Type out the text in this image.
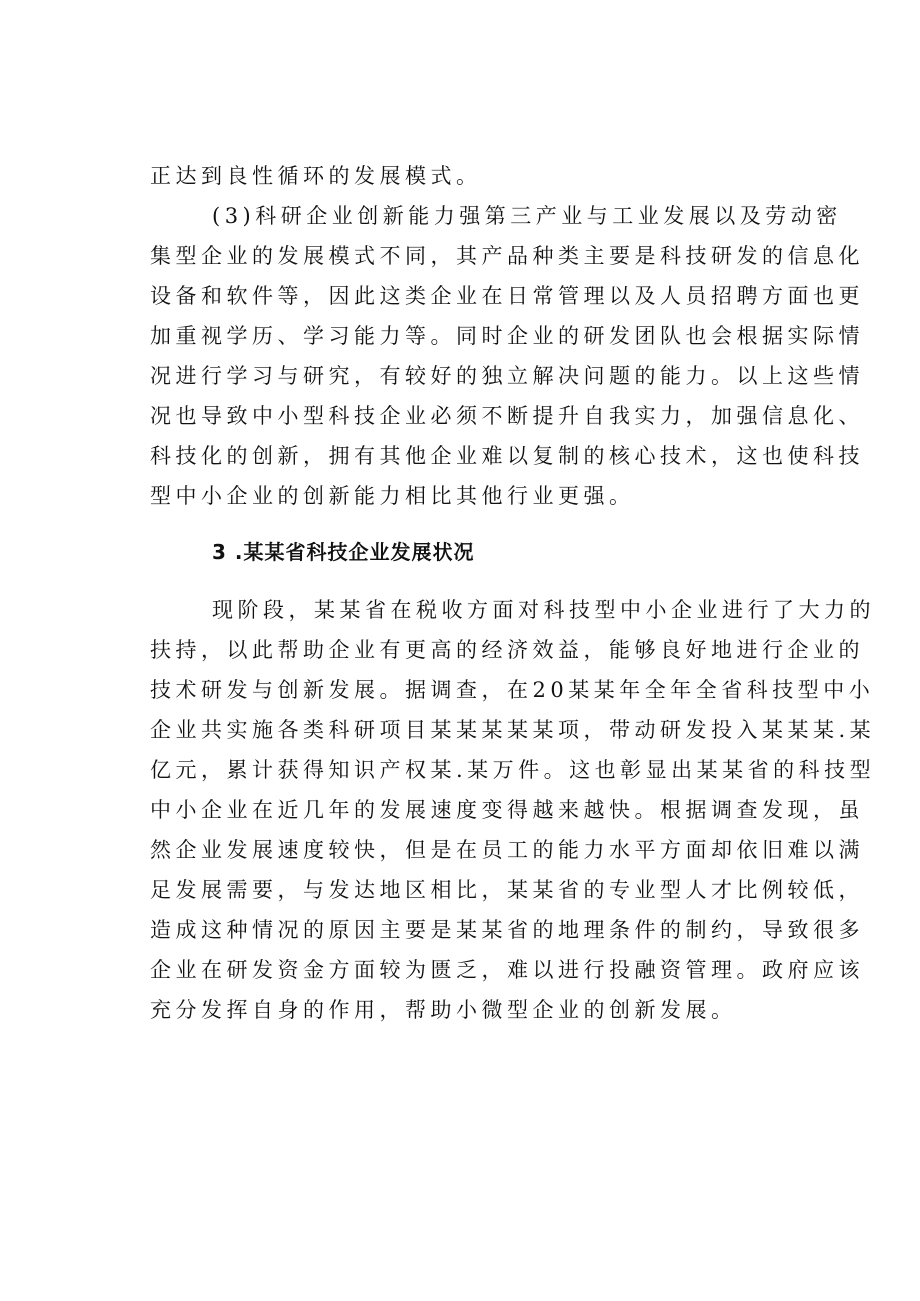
正达到良性循环的发展模式。
(3)科研企业创新能力强第三产业与工业发展以及劳动密
集型企业的发展模式不同，其产品种类主要是科技研发的信息化
设备和软件等，因此这类企业在日常管理以及人员招聘方面也更
加重视学历、学习能力等。同时企业的研发团队也会根据实际情
况进行学习与研究，有较好的独立解决问题的能力。以上这些情
况也导致中小型科技企业必须不断提升自我实力，加强信息化、
科技化的创新，拥有其他企业难以复制的核心技术，这也使科技
型中小企业的创新能力相比其他行业更强。
3 .某某省科技企业发展状况
现阶段，某某省在税收方面对科技型中小企业进行了大力的
扶持，以此帮助企业有更高的经济效益，能够良好地进行企业的
技术研发与创新发展。据调查，在20某某年全年全省科技型中小
企业共实施各类科研项目某某某某某项，带动研发投入某某某.某
亿元，累计获得知识产权某.某万件。这也彰显出某某省的科技型
中小企业在近几年的发展速度变得越来越快。根据调查发现，虽
然企业发展速度较快，但是在员工的能力水平方面却依旧难以满
足发展需要，与发达地区相比，某某省的专业型人才比例较低，
造成这种情况的原因主要是某某省的地理条件的制约，导致很多
企业在研发资金方面较为匮乏，难以进行投融资管理。政府应该
充分发挥自身的作用，帮助小微型企业的创新发展。
